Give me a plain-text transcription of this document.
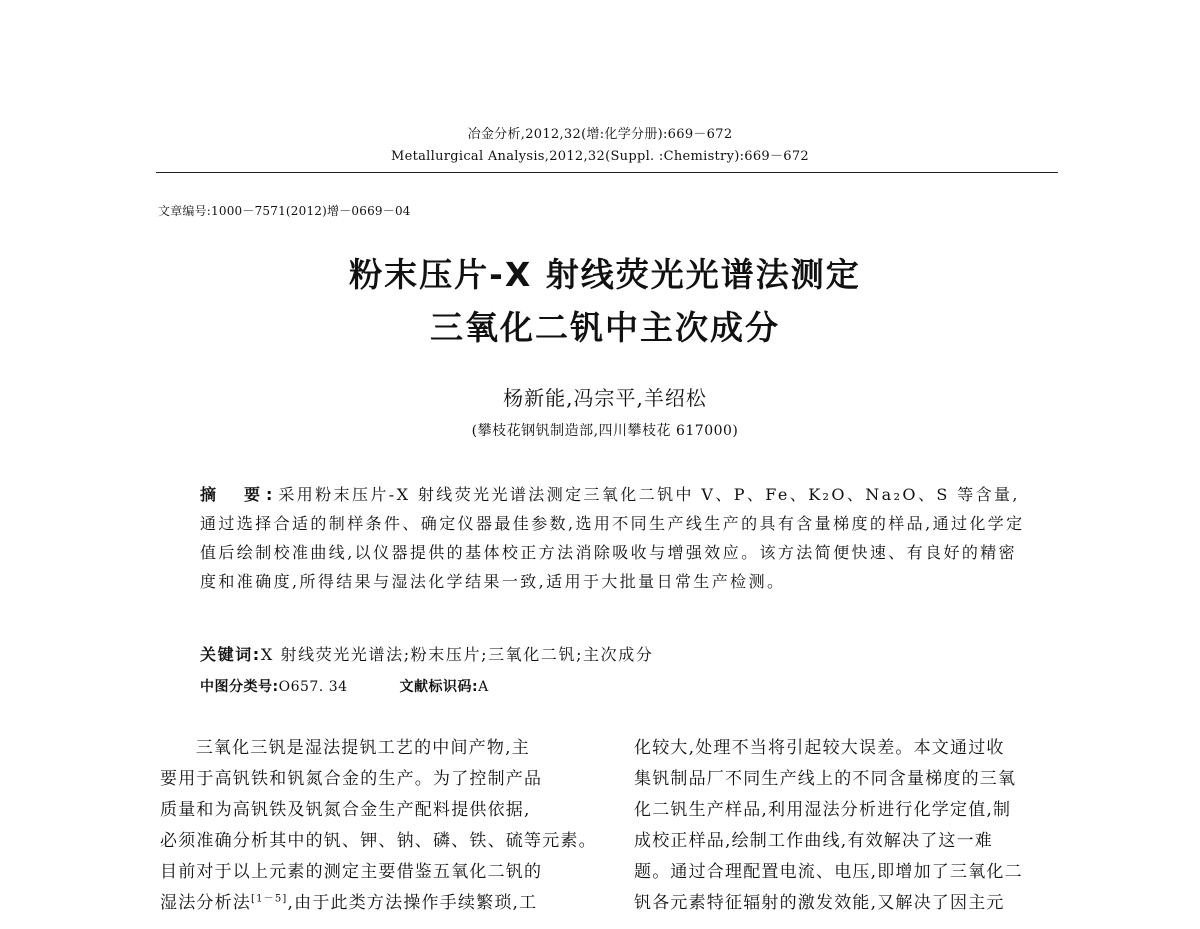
冶金分析,2012,32(增:化学分册):669－672
Metallurgical Analysis,2012,32(Suppl. :Chemistry):669－672
文章编号:1000－7571(2012)增－0669－04
粉末压片-X 射线荧光光谱法测定
三氧化二钒中主次成分
杨新能,冯宗平,羊绍松
(攀枝花钢钒制造部,四川攀枝花 617000)
摘　要:采用粉末压片-X 射线荧光光谱法测定三氧化二钒中 V、P、Fe、K₂O、Na₂O、S 等含量,通过选择合适的制样条件、确定仪器最佳参数,选用不同生产线生产的具有含量梯度的样品,通过化学定值后绘制校准曲线,以仪器提供的基体校正方法消除吸收与增强效应。该方法简便快速、有良好的精密度和准确度,所得结果与湿法化学结果一致,适用于大批量日常生产检测。
关键词:X 射线荧光光谱法;粉末压片;三氧化二钒;主次成分
中图分类号:O657. 34	文献标识码:A
三氧化三钒是湿法提钒工艺的中间产物,主
要用于高钒铁和钒氮合金的生产。为了控制产品
质量和为高钒铁及钒氮合金生产配料提供依据,
必须准确分析其中的钒、钾、钠、磷、铁、硫等元素。
目前对于以上元素的测定主要借鉴五氧化二钒的
湿法分析法[1－5],由于此类方法操作手续繁琐,工
化较大,处理不当将引起较大误差。本文通过收
集钒制品厂不同生产线上的不同含量梯度的三氧
化二钒生产样品,利用湿法分析进行化学定值,制
成校正样品,绘制工作曲线,有效解决了这一难
题。通过合理配置电流、电压,即增加了三氧化二
钒各元素特征辐射的激发效能,又解决了因主元
